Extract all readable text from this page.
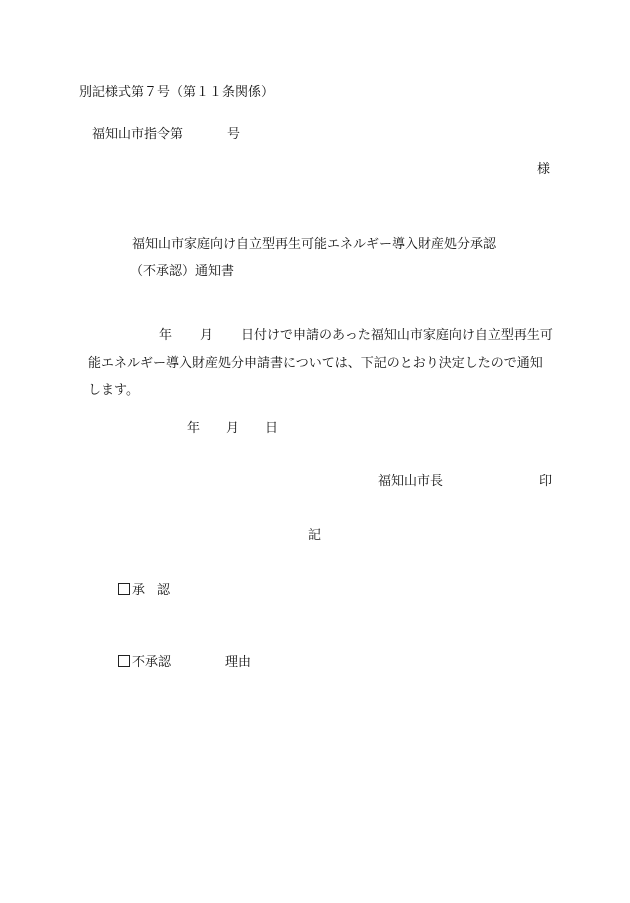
別記様式第７号（第１１条関係）
福知山市指令第	号
様
福知山市家庭向け自立型再生可能エネルギー導入財産処分承認
（不承認）通知書
年 月 日付けで申請のあった福知山市家庭向け自立型再生可能エネルギー導入財産処分申請書については、下記のとおり決定したので通知します。
年 月 日
福知山市長	印
記
承 認
不承認	理由
